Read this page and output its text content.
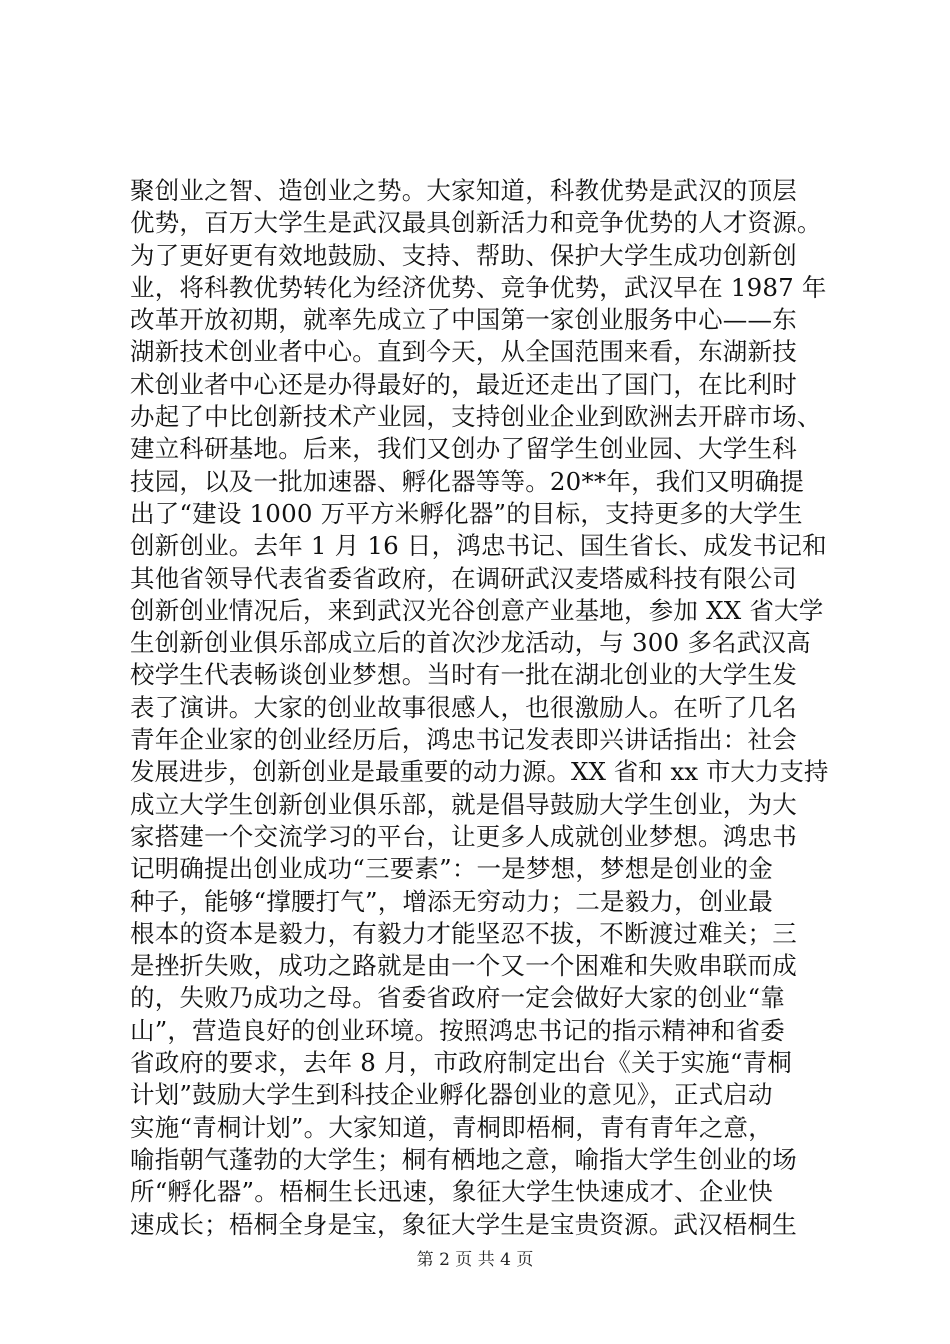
聚创业之智、造创业之势。大家知道，科教优势是武汉的顶层
优势，百万大学生是武汉最具创新活力和竞争优势的人才资源。
为了更好更有效地鼓励、支持、帮助、保护大学生成功创新创
业，将科教优势转化为经济优势、竞争优势，武汉早在 1987 年
改革开放初期，就率先成立了中国第一家创业服务中心——东
湖新技术创业者中心。直到今天，从全国范围来看，东湖新技
术创业者中心还是办得最好的，最近还走出了国门，在比利时
办起了中比创新技术产业园，支持创业企业到欧洲去开辟市场、
建立科研基地。后来，我们又创办了留学生创业园、大学生科
技园，以及一批加速器、孵化器等等。20**年，我们又明确提
出了“建设 1000 万平方米孵化器”的目标，支持更多的大学生
创新创业。去年 1 月 16 日，鸿忠书记、国生省长、成发书记和
其他省领导代表省委省政府，在调研武汉麦塔威科技有限公司
创新创业情况后，来到武汉光谷创意产业基地，参加 XX 省大学
生创新创业俱乐部成立后的首次沙龙活动，与 300 多名武汉高
校学生代表畅谈创业梦想。当时有一批在湖北创业的大学生发
表了演讲。大家的创业故事很感人，也很激励人。在听了几名
青年企业家的创业经历后，鸿忠书记发表即兴讲话指出：社会
发展进步，创新创业是最重要的动力源。XX 省和 xx 市大力支持
成立大学生创新创业俱乐部，就是倡导鼓励大学生创业，为大
家搭建一个交流学习的平台，让更多人成就创业梦想。鸿忠书
记明确提出创业成功“三要素”：一是梦想，梦想是创业的金
种子，能够“撑腰打气”，增添无穷动力；二是毅力，创业最
根本的资本是毅力，有毅力才能坚忍不拔，不断渡过难关；三
是挫折失败，成功之路就是由一个又一个困难和失败串联而成
的，失败乃成功之母。省委省政府一定会做好大家的创业“靠
山”，营造良好的创业环境。按照鸿忠书记的指示精神和省委
省政府的要求，去年 8 月，市政府制定出台《关于实施“青桐
计划”鼓励大学生到科技企业孵化器创业的意见》，正式启动
实施“青桐计划”。大家知道，青桐即梧桐，青有青年之意，
喻指朝气蓬勃的大学生；桐有栖地之意，喻指大学生创业的场
所“孵化器”。梧桐生长迅速，象征大学生快速成才、企业快
速成长；梧桐全身是宝，象征大学生是宝贵资源。武汉梧桐生
第 2 页 共 4 页
